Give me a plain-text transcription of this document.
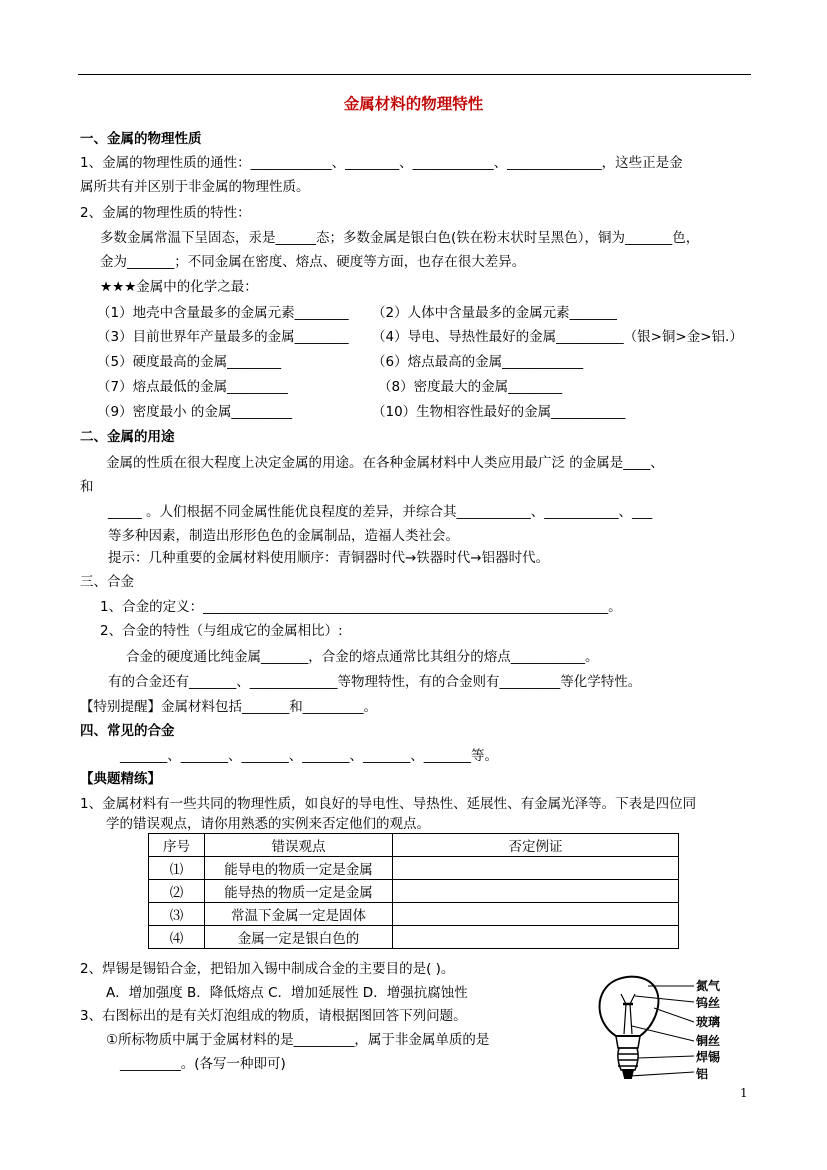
金属材料的物理特性
一、金属的物理性质
1、金属的物理性质的通性：____________、________、____________、______________，这些正是金
属所共有并区别于非金属的物理性质。
2、金属的物理性质的特性：
多数金属常温下呈固态，汞是______态；多数金属是银白色(铁在粉末状时呈黑色），铜为_______色，
金为_______；不同金属在密度、熔点、硬度等方面，也存在很大差异。
★★★金属中的化学之最：
（1）地壳中含量最多的金属元素________ （2）人体中含量最多的金属元素_______
（3）目前世界年产量最多的金属________ （4）导电、导热性最好的金属__________（银>铜>金>铝.）
（5）硬度最高的金属________	（6）熔点最高的金属____________
（7）熔点最低的金属_________	（8）密度最大的金属________
（9）密度最小 的金属_________	（10）生物相容性最好的金属___________
二、金属的用途
金属的性质在很大程度上决定金属的用途。在各种金属材料中人类应用最广泛 的金属是____、
和
_____ 。人们根据不同金属性能优良程度的差异，并综合其___________、___________、___
等多种因素，制造出形形色色的金属制品，造福人类社会。
提示：几种重要的金属材料使用顺序：青铜器时代→铁器时代→铝器时代。
三、合金
1、合金的定义：____________________________________________________________。
2、合金的特性（与组成它的金属相比）:
合金的硬度通比纯金属_______，合金的熔点通常比其组分的熔点___________。
有的合金还有_______、_____________等物理特性，有的合金则有_________等化学特性。
【特别提醒】金属材料包括_______和_________。
四、常见的合金
_______、_______、_______、_______、_______、_______等。
【典题精练】
1、金属材料有一些共同的物理性质，如良好的导电性、导热性、延展性、有金属光泽等。下表是四位同
学的错误观点，请你用熟悉的实例来否定他们的观点。
序号	错误观点	否定例证
⑴	能导电的物质一定是金属	
⑵	能导热的物质一定是金属	
⑶	常温下金属一定是固体	
⑷	金属一定是银白色的	
2、焊锡是锡铅合金，把铅加入锡中制成合金的主要目的是( )。
A．增加强度 B．降低熔点 C．增加延展性 D．增强抗腐蚀性
3、右图标出的是有关灯泡组成的物质，请根据图回答下列问题。
①所标物质中属于金属材料的是_________，属于非金属单质的是
_________。(各写一种即可)
氮气
钨丝
玻璃
铜丝
焊锡
铝
1
